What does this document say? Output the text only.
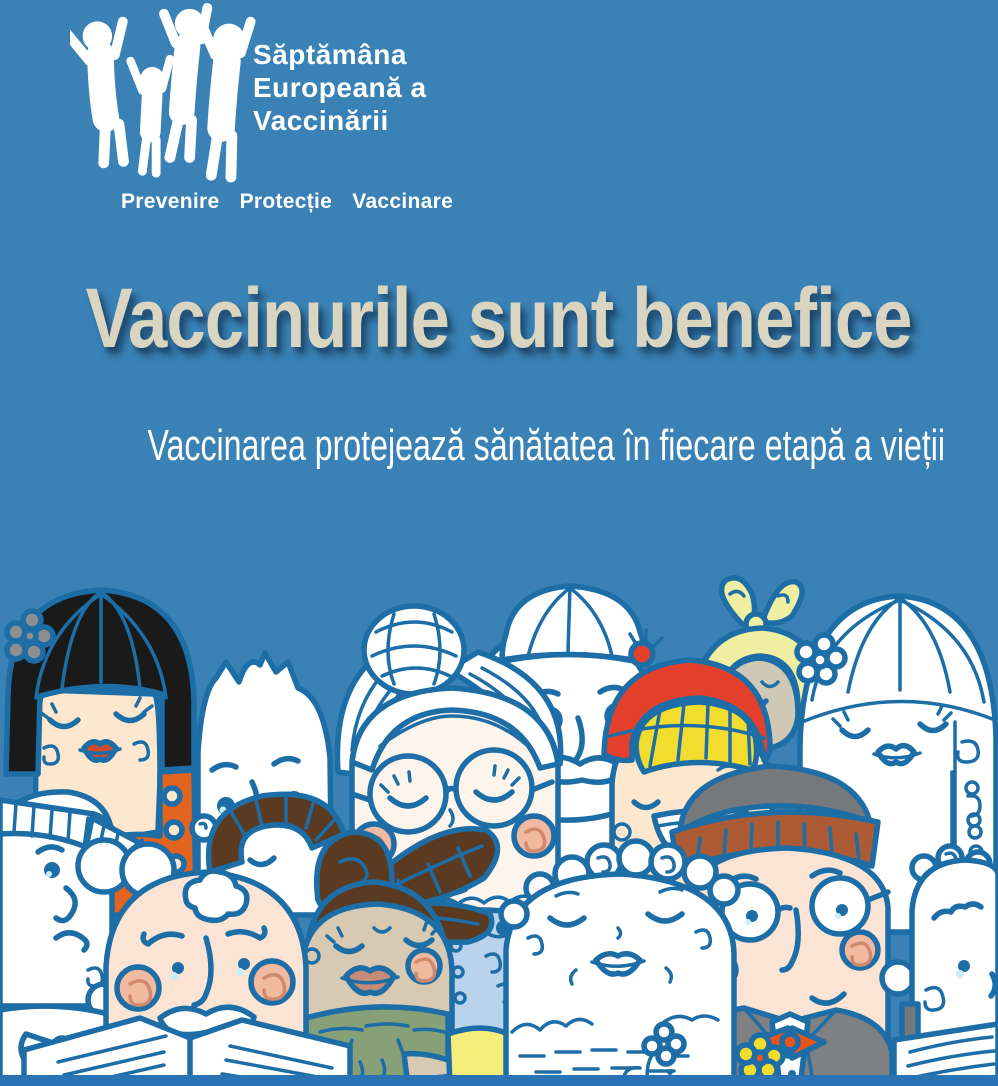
Săptămâna
Europeană a
Vaccinării
Prevenire Protecție Vaccinare
Vaccinurile sunt benefice

Vaccinarea protejează sănătatea în fiecare etapă a vieții
